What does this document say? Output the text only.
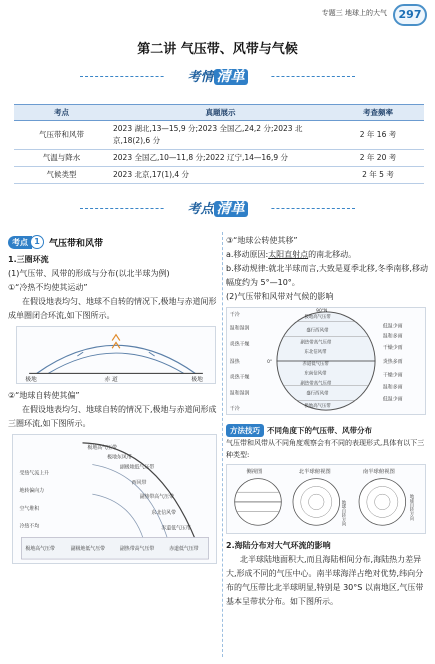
专题三 地球上的大气	297
第二讲 气压带、风带与气候
考情 清单
考点	真题展示	考查频率
气压带和风带	2023 湖北,13—15,9 分;2023 全国乙,24,2 分;2023 北京,18(2),6 分	2 年 16 考
气温与降水	2023 全国乙,10—11,8 分;2022 辽宁,14—16,9 分	2 年 20 考
气候类型	2023 北京,17(1),4 分	2 年 5 考
考点 清单
考点 1	气压带和风带
1.三圈环流
(1)气压带、风带的形成与分布(以北半球为例)
①“冷热不均使其运动”
在假设地表均匀、地球不自转的情况下,极地与赤道间形成单圈闭合环流,如下图所示。
极地	赤 道	极地
②“地球自转使其偏”
在假设地表均匀、地球自转的情况下,极地与赤道间形成三圈环流,如下图所示。
极地高气压带
极地东风带
副极地低气压带
西风带
副热带高气压带
东北信风带
赤道低气压带
受热气流上升
地转偏向力
空气堆积
冷热不均
极地高气压带	副极地低气压带	副热带高气压带	赤道低气压带
③“地球公转使其移”
a.移动原因:太阳直射点的南北移动。
b.移动规律:就北半球而言,大致是夏季北移,冬季南移,移动幅度约为 5°—10°。
(2)气压带和风带对气候的影响
干冷
温和湿润
炎热干燥
湿热
炎热干燥
温和湿润
干冷
90°N
0°
极地高气压带
盛行西风带
副热带高气压带
东北信风带
赤道低气压带
东南信风带
副热带高气压带
盛行西风带
极地高气压带
低温少雨
温和多雨
干燥少雨
炎热多雨
干燥少雨
温和多雨
低温少雨
方法技巧 不同角度下的气压带、风带分布
气压带和风带从不同角度观察会有不同的表现形式,具体有以下三种类型:
侧视图	北半球俯视图	南半球俯视图
地球自转方向	地球自转方向
2.海陆分布对大气环流的影响
北半球陆地面积大,而且海陆相间分布,海陆热力差异大,形成不同的气压中心。南半球海洋占绝对优势,纬向分布的气压带比北半球明显,特别是 30°S 以南地区,气压带基本呈带状分布。如下图所示。
